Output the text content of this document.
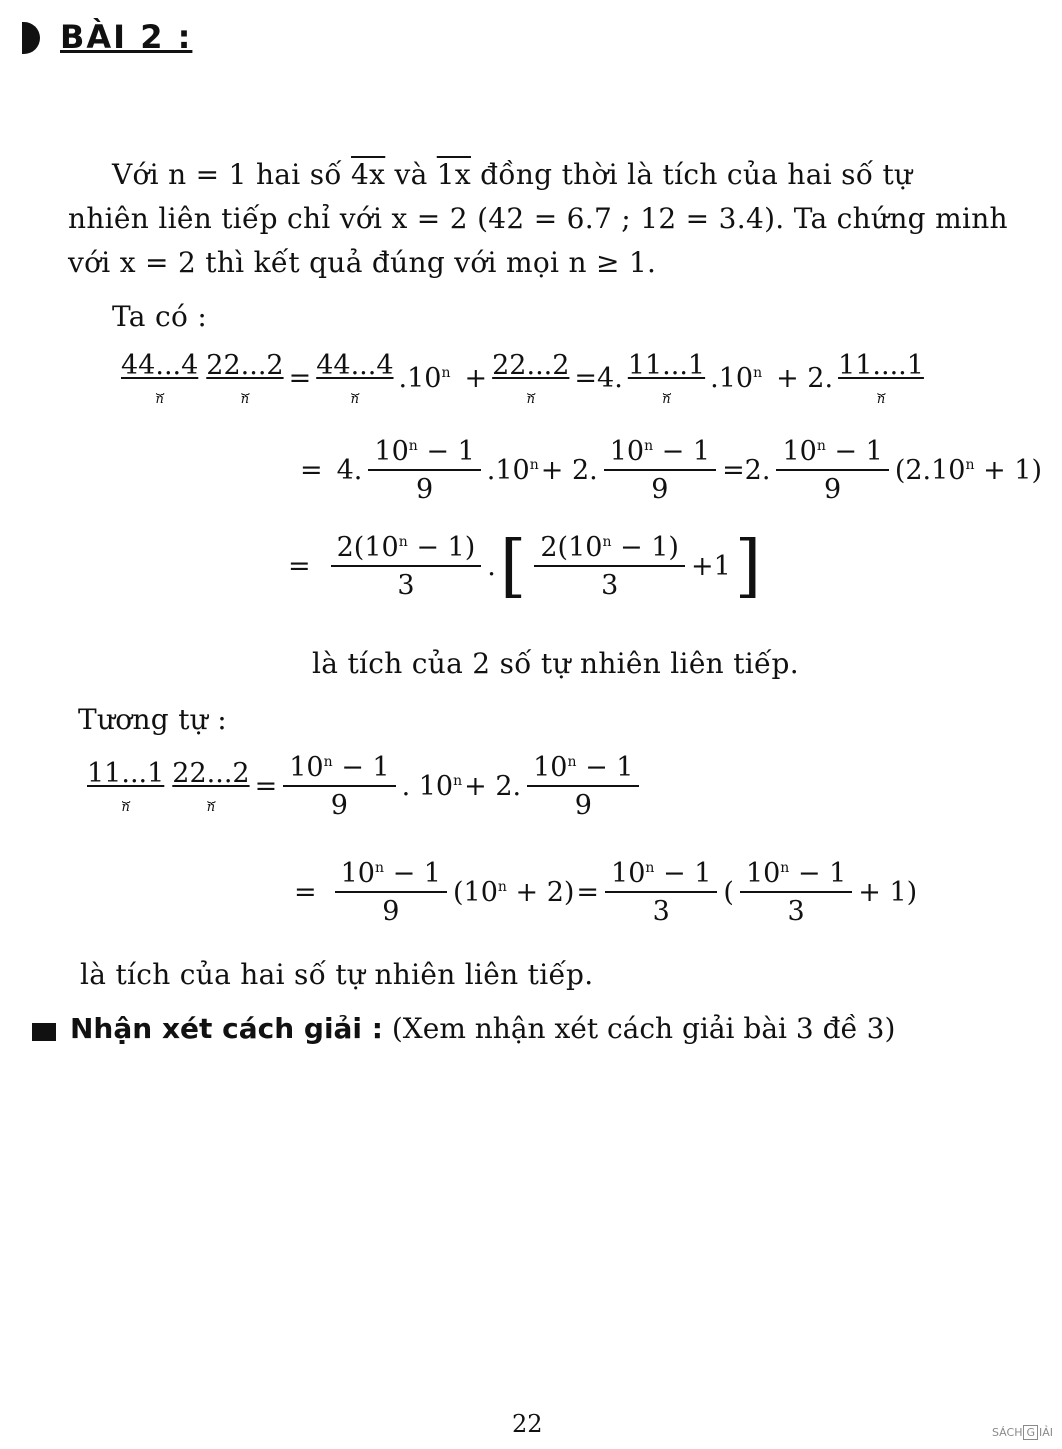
BÀI 2 :
Với n = 1 hai số 4x và 1x đồng thời là tích của hai số tự
nhiên liên tiếp chỉ với x = 2 (42 = 6.7 ; 12 = 3.4). Ta chứng minh
với x = 2 thì kết quả đúng với mọi n ≥ 1.
Ta có :
44...4
⏟
n
22...2
⏟
n
= 44...4
⏟
n
$.10^n + 22...2$
⏟
n
=4. 11...1
⏟
n
$.10^n + 2$. 11....1
⏟
n
= 4. $\frac{10^n - 1}{9} .10^n + 2$. $\frac{10^n - 1}{9} =2$. $\frac{10^n - 1}{9} (2.10^n + 1)$
= $\frac{2(10^n - 1)}{3}$ . [ $\frac{2(10^n - 1)}{3} +1$ ]
là tích của 2 số tự nhiên liên tiếp.
Tương tự :
11...1
⏟
n
22...2
⏟
n
= $\frac{10^n - 1}{9}$ . $10^n + 2$. $\frac{10^n - 1}{9}$
= $\frac{10^n - 1}{9} (10^n + 2) = \frac{10^n - 1}{3}$ ( $\frac{10^n - 1}{3} + 1$)
là tích của hai số tự nhiên liên tiếp.
Nhận xét cách giải : (Xem nhận xét cách giải bài 3 đề 3)
22	SÁCH G IẢI
